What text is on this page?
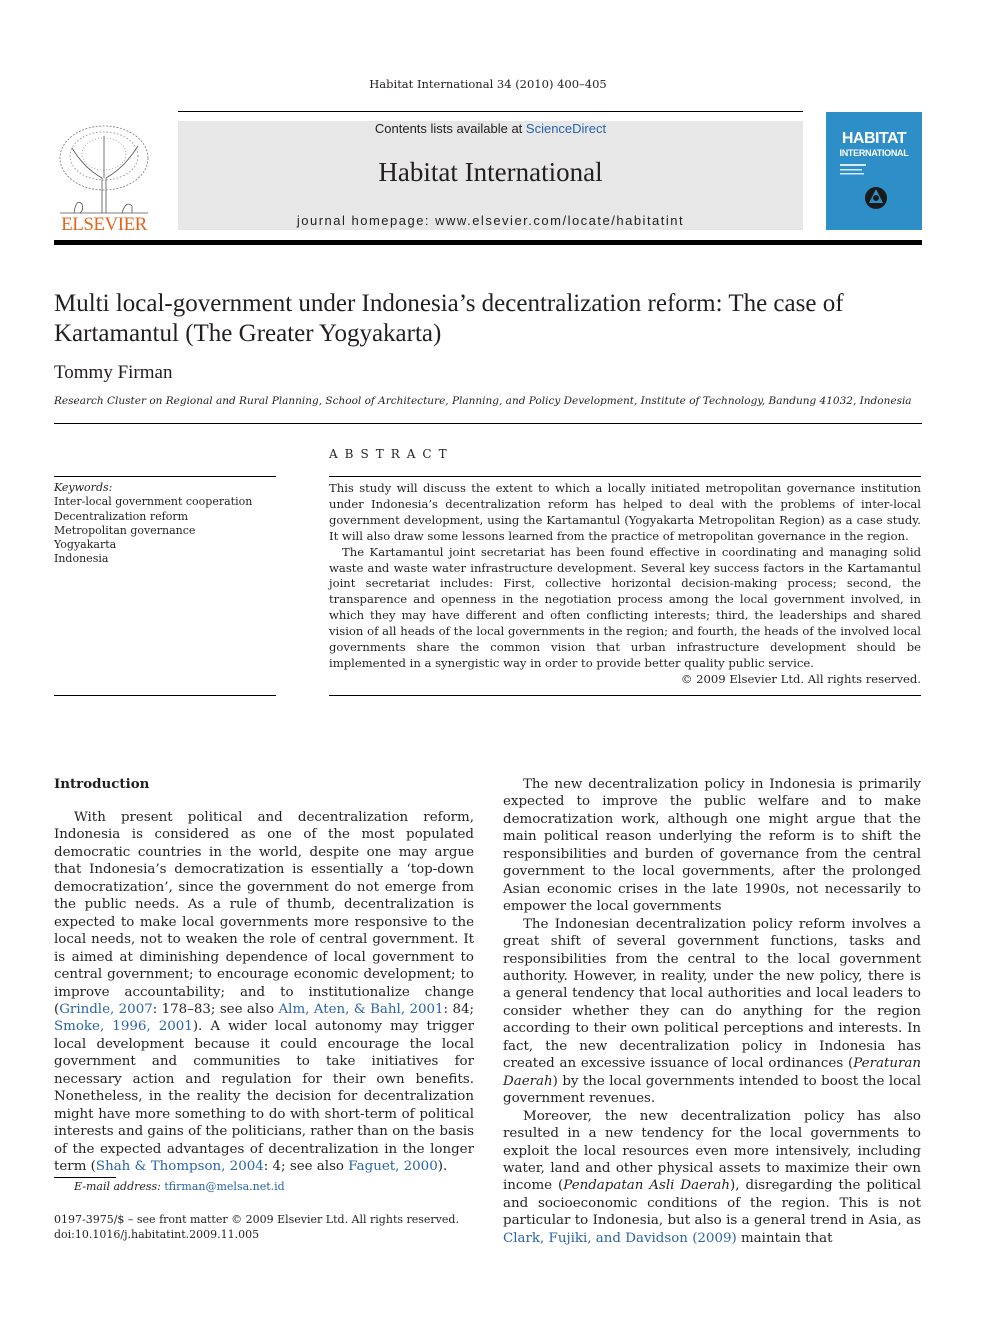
Habitat International 34 (2010) 400–405
ELSEVIER
Contents lists available at ScienceDirect
Habitat International
journal homepage: www.elsevier.com/locate/habitatint
HABITAT
INTERNATIONAL
Multi local-government under Indonesia’s decentralization reform: The case of Kartamantul (The Greater Yogyakarta)
Tommy Firman
Research Cluster on Regional and Rural Planning, School of Architecture, Planning, and Policy Development, Institute of Technology, Bandung 41032, Indonesia
Keywords:
Inter-local government cooperation
Decentralization reform
Metropolitan governance
Yogyakarta
Indonesia
ABSTRACT

This study will discuss the extent to which a locally initiated metropolitan governance institution under Indonesia’s decentralization reform has helped to deal with the problems of inter-local government development, using the Kartamantul (Yogyakarta Metropolitan Region) as a case study. It will also draw some lessons learned from the practice of metropolitan governance in the region.

The Kartamantul joint secretariat has been found effective in coordinating and managing solid waste and waste water infrastructure development. Several key success factors in the Kartamantul joint secretariat includes: First, collective horizontal decision-making process; second, the transparence and openness in the negotiation process among the local government involved, in which they may have different and often conflicting interests; third, the leaderships and shared vision of all heads of the local governments in the region; and fourth, the heads of the involved local governments share the common vision that urban infrastructure development should be implemented in a synergistic way in order to provide better quality public service.

© 2009 Elsevier Ltd. All rights reserved.

Introduction

With present political and decentralization reform, Indonesia is considered as one of the most populated democratic countries in the world, despite one may argue that Indonesia’s democratization is essentially a ‘top-down democratization’, since the government do not emerge from the public needs. As a rule of thumb, decentralization is expected to make local governments more responsive to the local needs, not to weaken the role of central government. It is aimed at diminishing dependence of local government to central government; to encourage economic development; to improve accountability; and to institutionalize change (Grindle, 2007: 178–83; see also Alm, Aten, & Bahl, 2001: 84; Smoke, 1996, 2001). A wider local autonomy may trigger local development because it could encourage the local government and communities to take initiatives for necessary action and regulation for their own benefits. Nonetheless, in the reality the decision for decentralization might have more something to do with short-term of political interests and gains of the politicians, rather than on the basis of the expected advantages of decentralization in the longer term (Shah & Thompson, 2004: 4; see also Faguet, 2000).

The new decentralization policy in Indonesia is primarily expected to improve the public welfare and to make democratization work, although one might argue that the main political reason underlying the reform is to shift the responsibilities and burden of governance from the central government to the local governments, after the prolonged Asian economic crises in the late 1990s, not necessarily to empower the local governments

The Indonesian decentralization policy reform involves a great shift of several government functions, tasks and responsibilities from the central to the local government authority. However, in reality, under the new policy, there is a general tendency that local authorities and local leaders to consider whether they can do anything for the region according to their own political perceptions and interests. In fact, the new decentralization policy in Indonesia has created an excessive issuance of local ordinances (Peraturan Daerah) by the local governments intended to boost the local government revenues.

Moreover, the new decentralization policy has also resulted in a new tendency for the local governments to exploit the local resources even more intensively, including water, land and other physical assets to maximize their own income (Pendapatan Asli Daerah), disregarding the political and socioeconomic conditions of the region. This is not particular to Indonesia, but also is a general trend in Asia, as Clark, Fujiki, and Davidson (2009) maintain that

E-mail address: tfirman@melsa.net.id
0197-3975/$ – see front matter © 2009 Elsevier Ltd. All rights reserved.
doi:10.1016/j.habitatint.2009.11.005
